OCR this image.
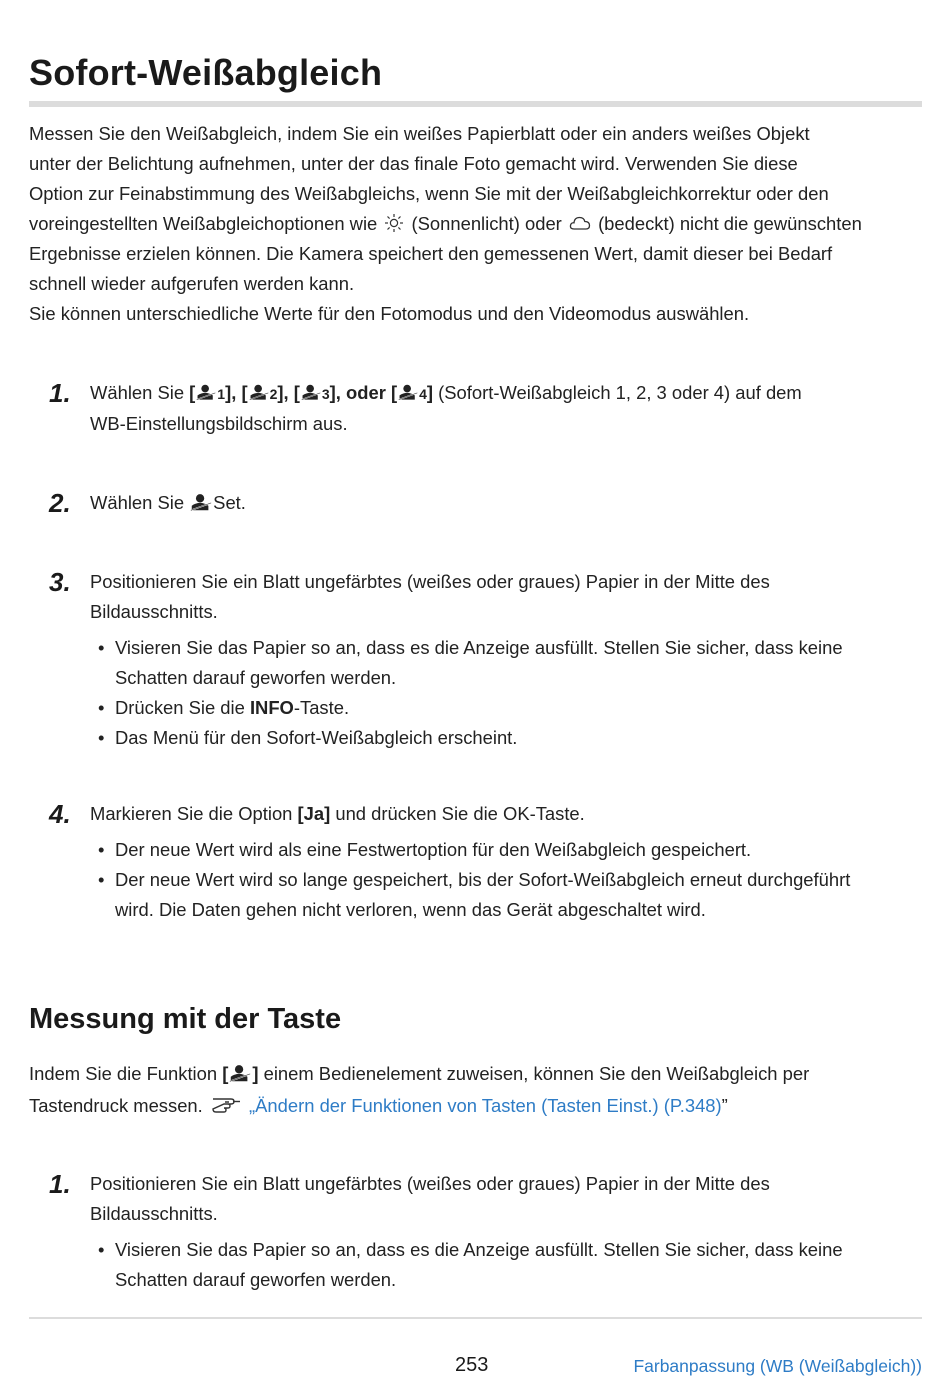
Sofort-Weißabgleich

Messen Sie den Weißabgleich, indem Sie ein weißes Papierblatt oder ein anders weißes Objekt

unter der Belichtung aufnehmen, unter der das finale Foto gemacht wird. Verwenden Sie diese

Option zur Feinabstimmung des Weißabgleichs, wenn Sie mit der Weißabgleichkorrektur oder den

voreingestellten Weißabgleichoptionen wie (Sonnenlicht) oder (bedeckt) nicht die gewünschten

Ergebnisse erzielen können. Die Kamera speichert den gemessenen Wert, damit dieser bei Bedarf

schnell wieder aufgerufen werden kann.

Sie können unterschiedliche Werte für den Fotomodus und den Videomodus auswählen.

1. Wählen Sie [ 1], [ 2], [ 3], oder [ 4] (Sofort-Weißabgleich 1, 2, 3 oder 4) auf dem
WB-Einstellungsbildschirm aus.
2. Wählen Sie Set.
3. Positionieren Sie ein Blatt ungefärbtes (weißes oder graues) Papier in der Mitte des
Bildausschnitts.
• Visieren Sie das Papier so an, dass es die Anzeige ausfüllt. Stellen Sie sicher, dass keine
Schatten darauf geworfen werden.
• Drücken Sie die INFO-Taste.
• Das Menü für den Sofort-Weißabgleich erscheint.
4. Markieren Sie die Option [Ja] und drücken Sie die OK-Taste.
• Der neue Wert wird als eine Festwertoption für den Weißabgleich gespeichert.
• Der neue Wert wird so lange gespeichert, bis der Sofort-Weißabgleich erneut durchgeführt
wird. Die Daten gehen nicht verloren, wenn das Gerät abgeschaltet wird.
Messung mit der Taste
Indem Sie die Funktion [ ] einem Bedienelement zuweisen, können Sie den Weißabgleich per
Tastendruck messen.	„Ändern der Funktionen von Tasten (Tasten Einst.) (P.348)”
1. Positionieren Sie ein Blatt ungefärbtes (weißes oder graues) Papier in der Mitte des
Bildausschnitts.
• Visieren Sie das Papier so an, dass es die Anzeige ausfüllt. Stellen Sie sicher, dass keine
Schatten darauf geworfen werden.
253	Farbanpassung (WB (Weißabgleich))
